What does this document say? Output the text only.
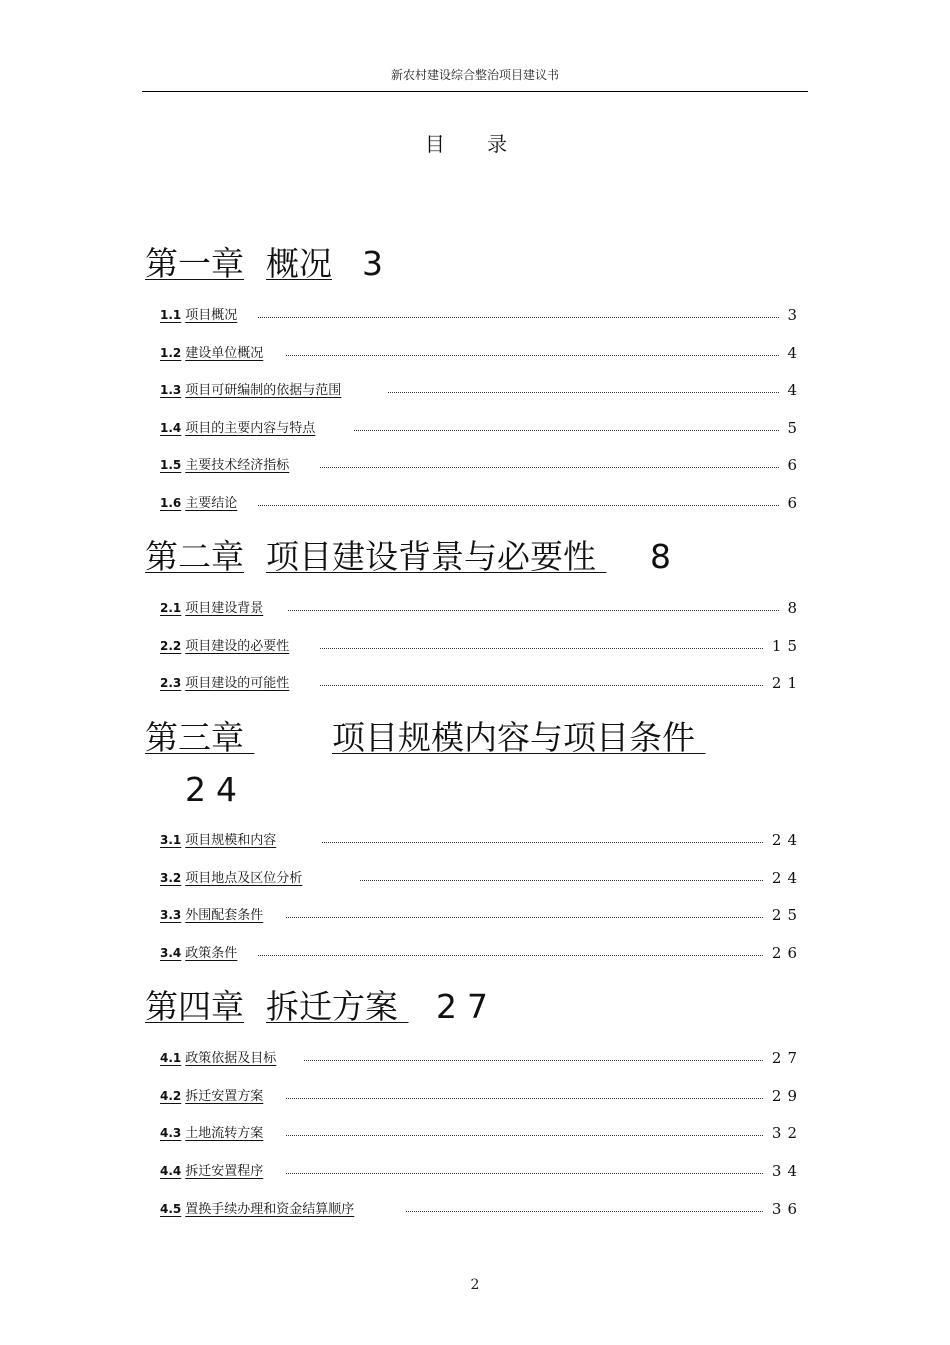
新农村建设综合整治项目建议书
目 录
第一章 概况 3
1.1 项目概况	3
1.2 建设单位概况	4
1.3 项目可研编制的依据与范围	4
1.4 项目的主要内容与特点	5
1.5 主要技术经济指标	6
1.6 主要结论	6
第二章 项目建设背景与必要性 8
2.1 项目建设背景	8
2.2 项目建设的必要性	15
2.3 项目建设的可能性	21
第三章	项目规模内容与项目条件
24
3.1 项目规模和内容	24
3.2 项目地点及区位分析	24
3.3 外围配套条件	25
3.4 政策条件	26
第四章 拆迁方案 27
4.1 政策依据及目标	27
4.2 拆迁安置方案	29
4.3 土地流转方案	32
4.4 拆迁安置程序	34
4.5 置换手续办理和资金结算顺序	36
2
